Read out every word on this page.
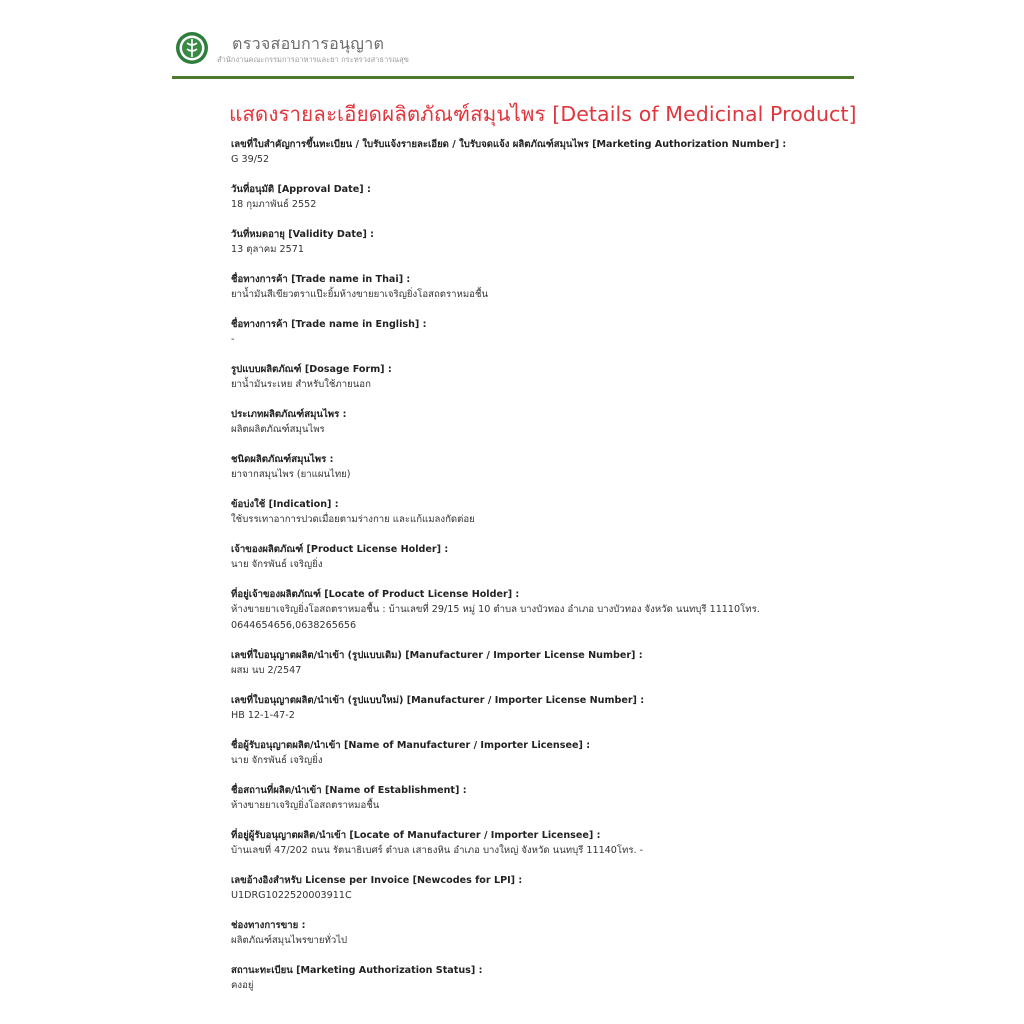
ตรวจสอบการอนุญาต
สำนักงานคณะกรรมการอาหารและยา กระทรวงสาธารณสุข
แสดงรายละเอียดผลิตภัณฑ์สมุนไพร [Details of Medicinal Product]
เลขที่ใบสำคัญการขึ้นทะเบียน / ใบรับแจ้งรายละเอียด / ใบรับจดแจ้ง ผลิตภัณฑ์สมุนไพร [Marketing Authorization Number] :
G 39/52
วันที่อนุมัติ [Approval Date] :
18 กุมภาพันธ์ 2552
วันที่หมดอายุ [Validity Date] :
13 ตุลาคม 2571
ชื่อทางการค้า [Trade name in Thai] :
ยาน้ำมันสีเขียวตราแป๊ะยิ้มห้างขายยาเจริญยิ่งโอสถตราหมอชื้น
ชื่อทางการค้า [Trade name in English] :
-
รูปแบบผลิตภัณฑ์ [Dosage Form] :
ยาน้ำมันระเหย สำหรับใช้ภายนอก
ประเภทผลิตภัณฑ์สมุนไพร :
ผลิตผลิตภัณฑ์สมุนไพร
ชนิดผลิตภัณฑ์สมุนไพร :
ยาจากสมุนไพร (ยาแผนไทย)
ข้อบ่งใช้ [Indication] :
ใช้บรรเทาอาการปวดเมื่อยตามร่างกาย และแก้แมลงกัดต่อย
เจ้าของผลิตภัณฑ์ [Product License Holder] :
นาย จักรพันธ์ เจริญยิ่ง
ที่อยู่เจ้าของผลิตภัณฑ์ [Locate of Product License Holder] :
ห้างขายยาเจริญยิ่งโอสถตราหมอชื้น : บ้านเลขที่ 29/15 หมู่ 10 ตำบล บางบัวทอง อำเภอ บางบัวทอง จังหวัด นนทบุรี 11110โทร.
0644654656,0638265656
เลขที่ใบอนุญาตผลิต/นำเข้า (รูปแบบเดิม) [Manufacturer / Importer License Number] :
ผสม นบ 2/2547
เลขที่ใบอนุญาตผลิต/นำเข้า (รูปแบบใหม่) [Manufacturer / Importer License Number] :
HB 12-1-47-2
ชื่อผู้รับอนุญาตผลิต/นำเข้า [Name of Manufacturer / Importer Licensee] :
นาย จักรพันธ์ เจริญยิ่ง
ชื่อสถานที่ผลิต/นำเข้า [Name of Establishment] :
ห้างขายยาเจริญยิ่งโอสถตราหมอชื้น
ที่อยู่ผู้รับอนุญาตผลิต/นำเข้า [Locate of Manufacturer / Importer Licensee] :
บ้านเลขที่ 47/202 ถนน รัตนาธิเบศร์ ตำบล เสาธงหิน อำเภอ บางใหญ่ จังหวัด นนทบุรี 11140โทร. -
เลขอ้างอิงสำหรับ License per Invoice [Newcodes for LPI] :
U1DRG1022520003911C
ช่องทางการขาย :
ผลิตภัณฑ์สมุนไพรขายทั่วไป
สถานะทะเบียน [Marketing Authorization Status] :
คงอยู่
